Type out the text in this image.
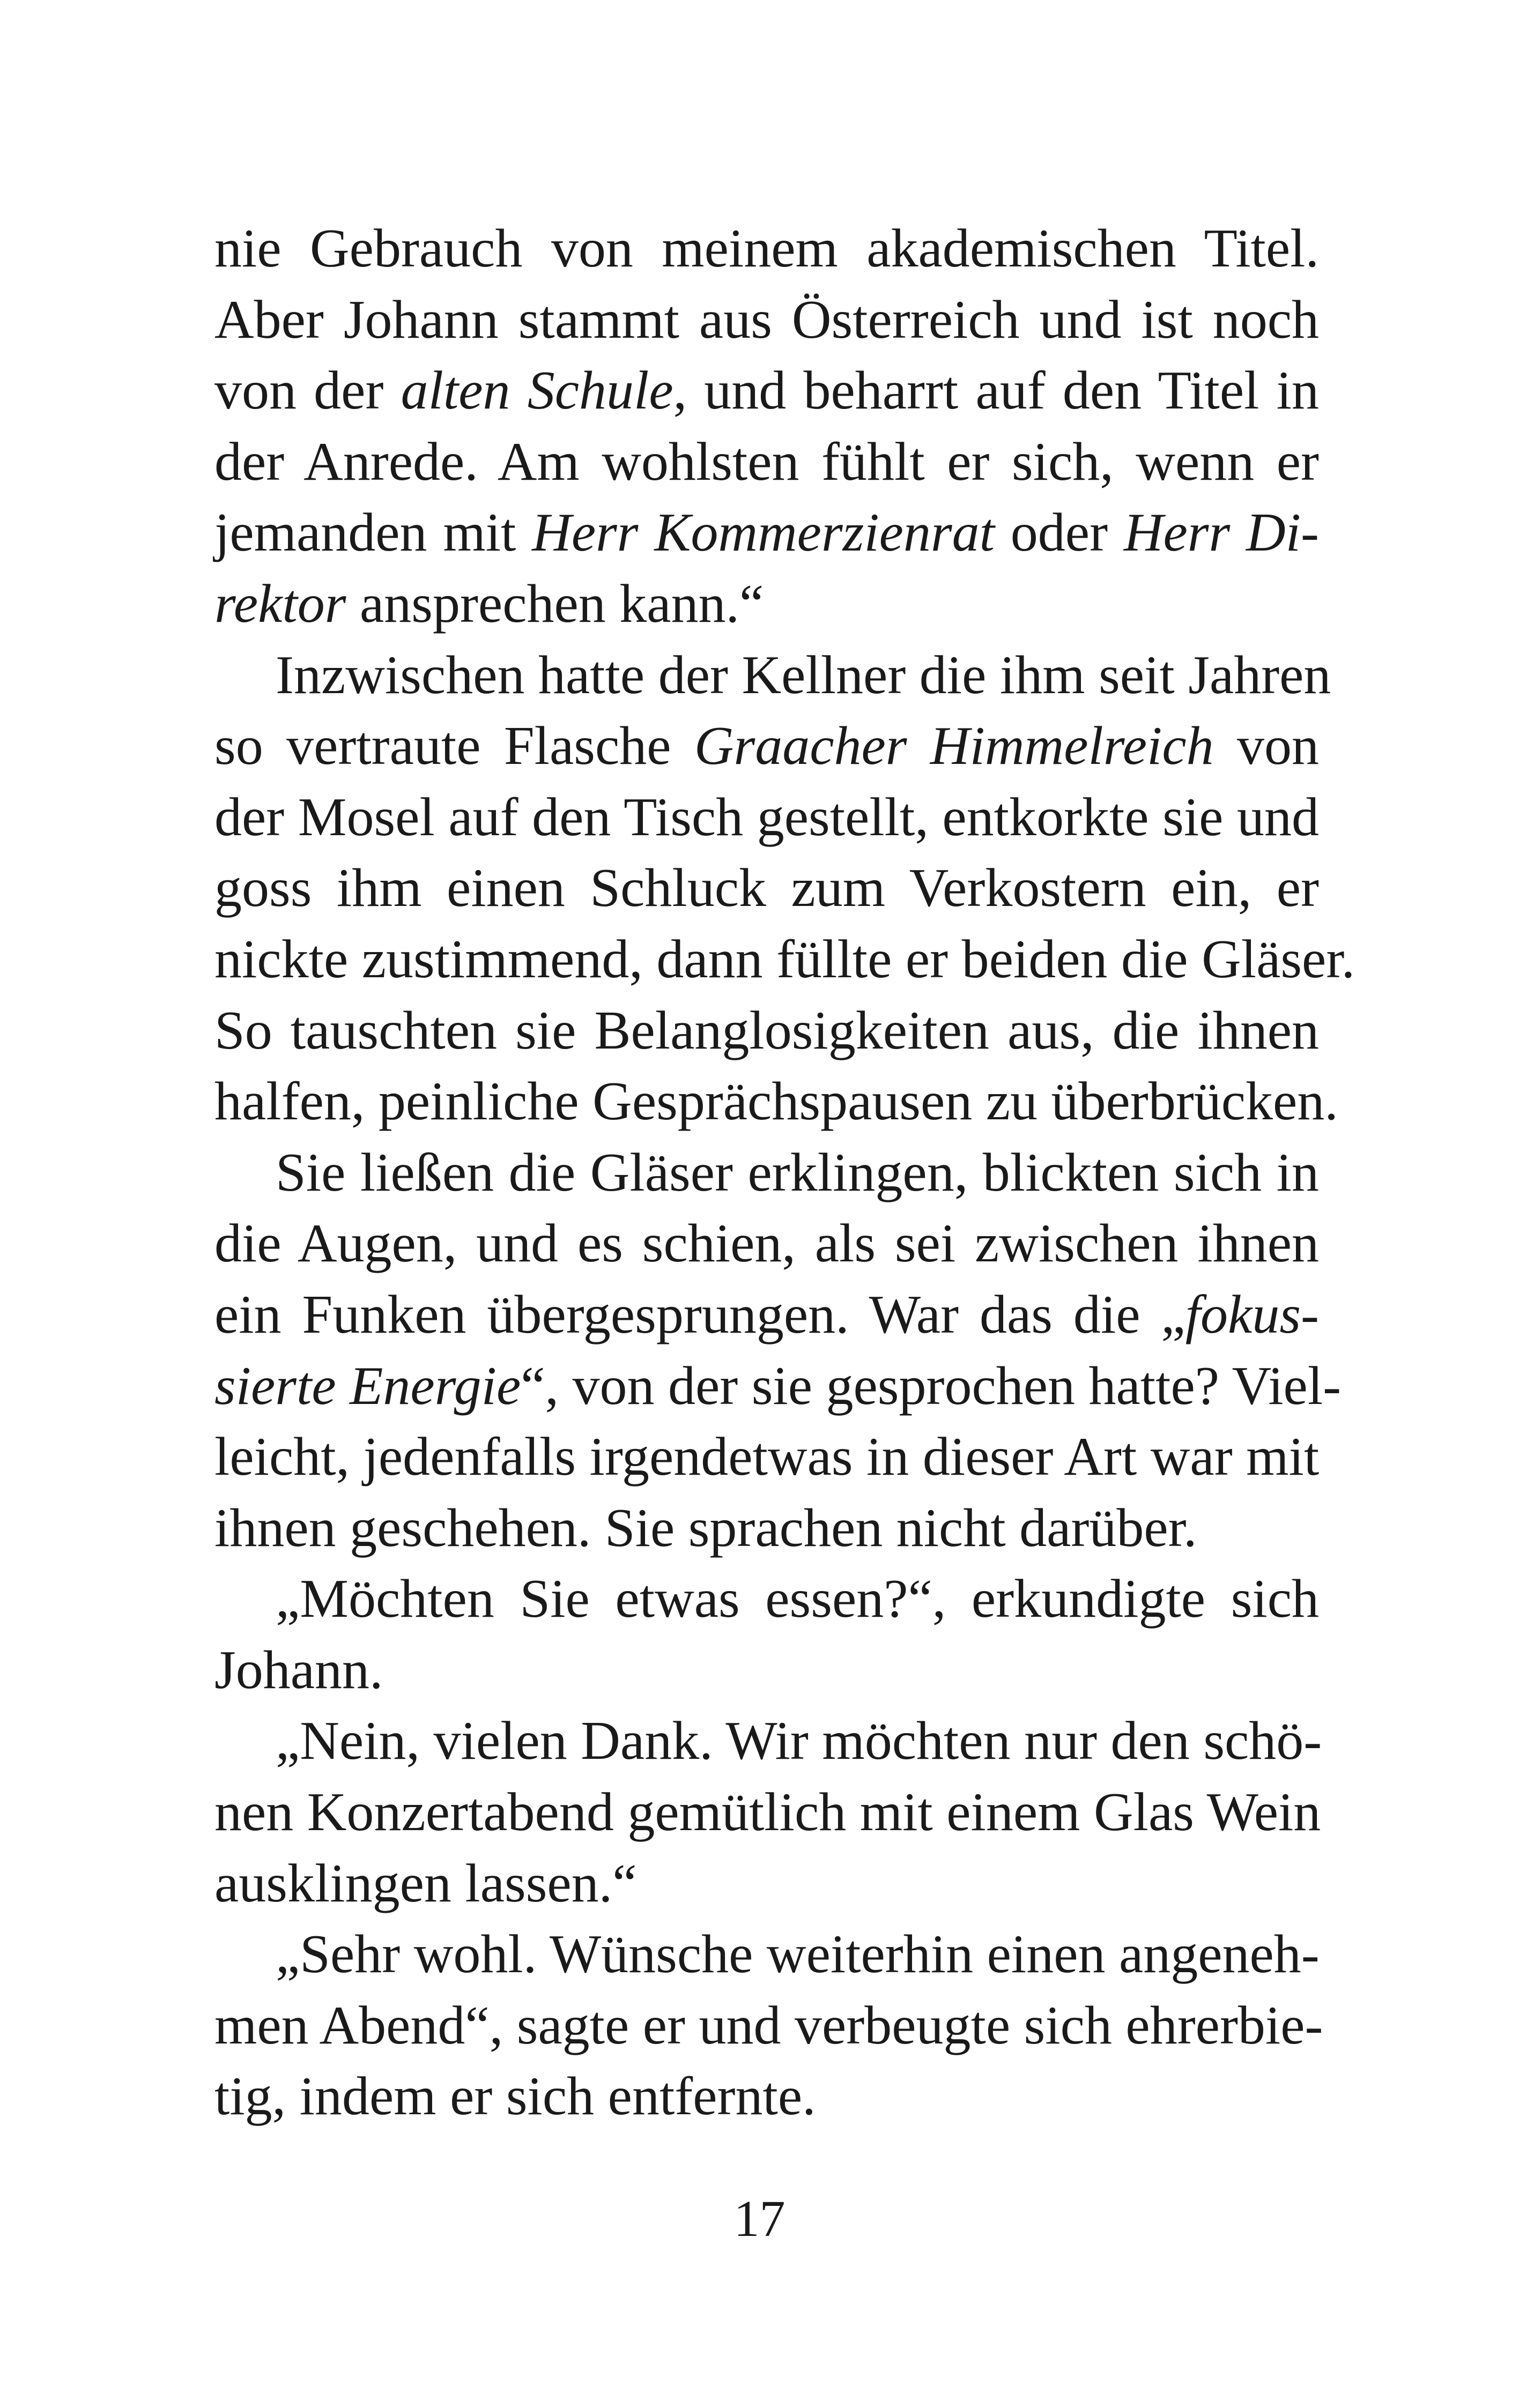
nie Gebrauch von meinem akademischen Titel.
Aber Johann stammt aus Österreich und ist noch
von der alten Schule, und beharrt auf den Titel in
der Anrede. Am wohlsten fühlt er sich, wenn er
jemanden mit Herr Kommerzienrat oder Herr Di-
rektor ansprechen kann.“
Inzwischen hatte der Kellner die ihm seit Jahren
so vertraute Flasche Graacher Himmelreich von
der Mosel auf den Tisch gestellt, entkorkte sie und
goss ihm einen Schluck zum Verkostern ein, er
nickte zustimmend, dann füllte er beiden die Gläser.
So tauschten sie Belanglosigkeiten aus, die ihnen
halfen, peinliche Gesprächspausen zu überbrücken.
Sie ließen die Gläser erklingen, blickten sich in
die Augen, und es schien, als sei zwischen ihnen
ein Funken übergesprungen. War das die „fokus-
sierte Energie“, von der sie gesprochen hatte? Viel-
leicht, jedenfalls irgendetwas in dieser Art war mit
ihnen geschehen. Sie sprachen nicht darüber.
„Möchten Sie etwas essen?“, erkundigte sich
Johann.
„Nein, vielen Dank. Wir möchten nur den schö-
nen Konzertabend gemütlich mit einem Glas Wein
ausklingen lassen.“
„Sehr wohl. Wünsche weiterhin einen angeneh-
men Abend“, sagte er und verbeugte sich ehrerbie-
tig, indem er sich entfernte.
17
